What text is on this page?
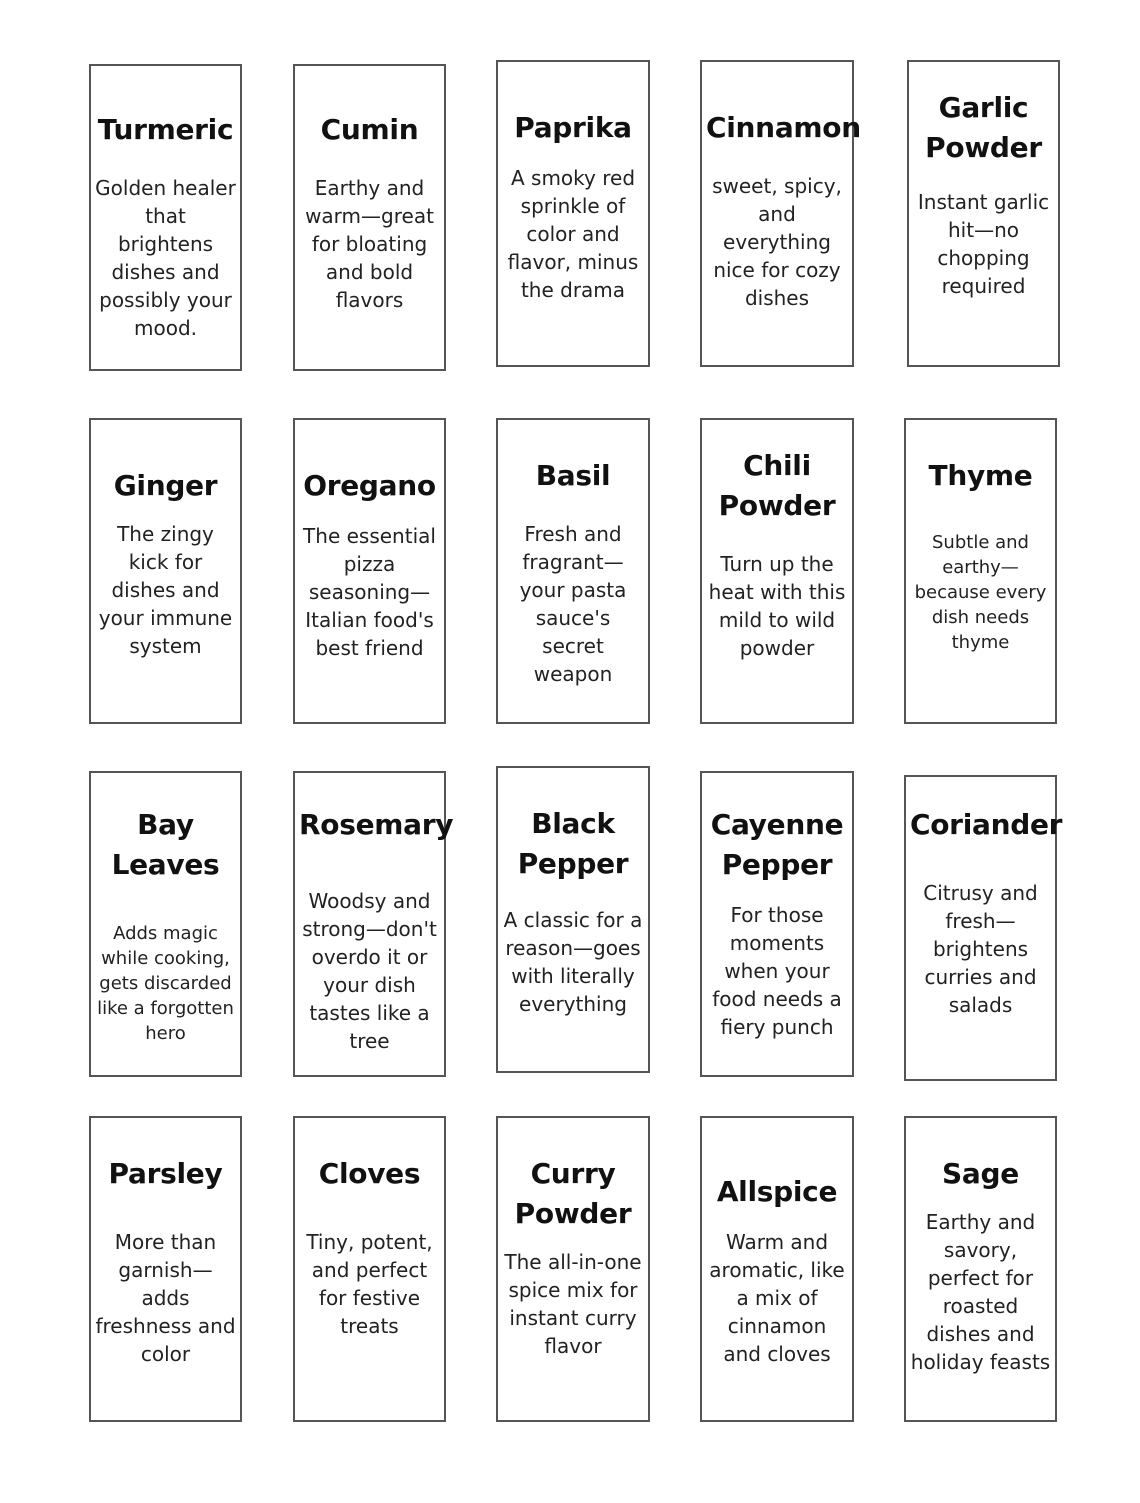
Turmeric
Golden healer that brightens dishes and possibly your mood.
Cumin
Earthy and warm—great for bloating and bold flavors
Paprika
A smoky red sprinkle of color and flavor, minus the drama
Cinnamon
sweet, spicy, and everything nice for cozy dishes
Garlic Powder
Instant garlic hit—no chopping required
Ginger
The zingy kick for dishes and your immune system
Oregano
The essential pizza seasoning—Italian food's best friend
Basil
Fresh and fragrant—your pasta sauce's secret weapon
Chili Powder
Turn up the heat with this mild to wild powder
Thyme
Subtle and earthy—because every dish needs thyme
Bay Leaves
Adds magic while cooking, gets discarded like a forgotten hero
Rosemary
Woodsy and strong—don't overdo it or your dish tastes like a tree
Black Pepper
A classic for a reason—goes with literally everything
Cayenne Pepper
For those moments when your food needs a fiery punch
Coriander
Citrusy and fresh—brightens curries and salads
Parsley
More than garnish—adds freshness and color
Cloves
Tiny, potent, and perfect for festive treats
Curry Powder
The all-in-one spice mix for instant curry flavor
Allspice
Warm and aromatic, like a mix of cinnamon and cloves
Sage
Earthy and savory, perfect for roasted dishes and holiday feasts
